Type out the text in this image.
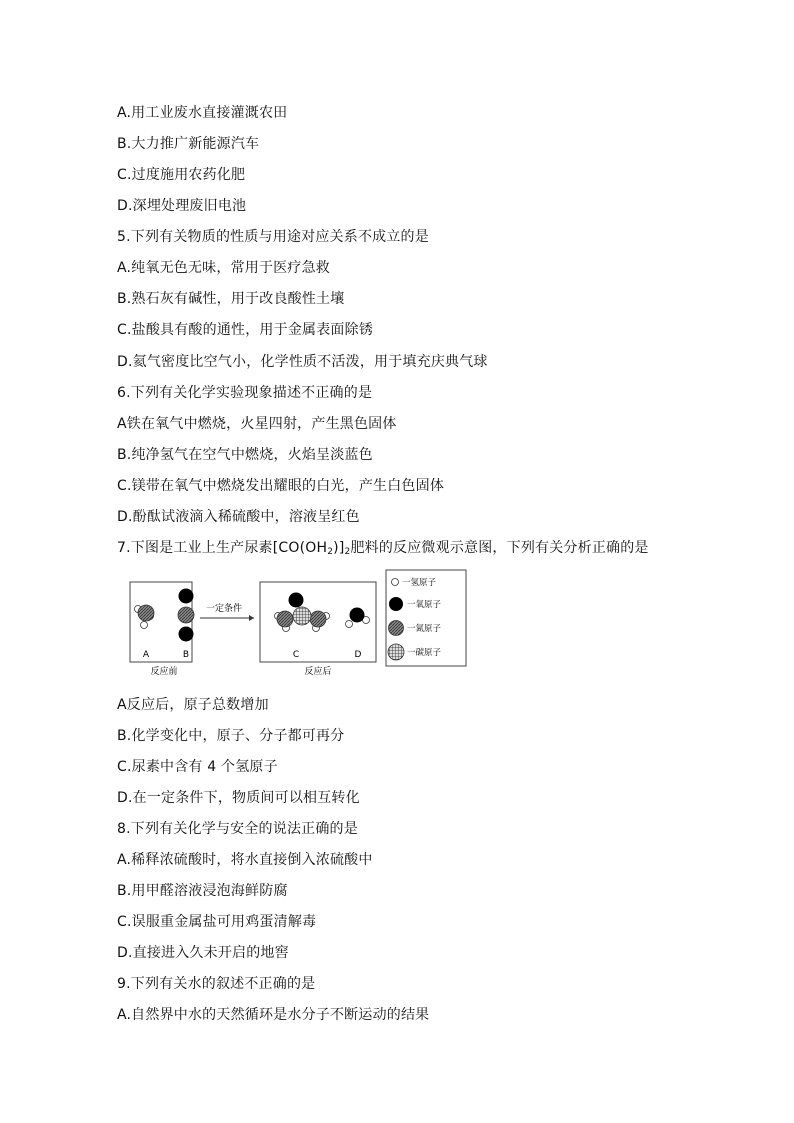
A.用工业废水直接灌溉农田
B.大力推广新能源汽车
C.过度施用农药化肥
D.深埋处理废旧电池
5.下列有关物质的性质与用途对应关系不成立的是
A.纯氧无色无味，常用于医疗急救
B.熟石灰有碱性，用于改良酸性土壤
C.盐酸具有酸的通性，用于金属表面除锈
D.氦气密度比空气小，化学性质不活泼，用于填充庆典气球
6.下列有关化学实验现象描述不正确的是
A铁在氧气中燃烧，火星四射，产生黑色固体
B.纯净氢气在空气中燃烧，火焰呈淡蓝色
C.镁带在氧气中燃烧发出耀眼的白光，产生白色固体
D.酚酞试液滴入稀硫酸中，溶液呈红色
7.下图是工业上生产尿素$[CO(OH_2)]_2$肥料的反应微观示意图，下列有关分析正确的是
A	B
反应前
一定条件
C	D
反应后
一氢原子
一氧原子
一氮原子
一碳原子
A反应后，原子总数增加
B.化学变化中，原子、分子都可再分
C.尿素中含有 4 个氢原子
D.在一定条件下，物质间可以相互转化
8.下列有关化学与安全的说法正确的是
A.稀释浓硫酸时，将水直接倒入浓硫酸中
B.用甲醛溶液浸泡海鲜防腐
C.误服重金属盐可用鸡蛋清解毒
D.直接进入久未开启的地窖
9.下列有关水的叙述不正确的是
A.自然界中水的天然循环是水分子不断运动的结果
